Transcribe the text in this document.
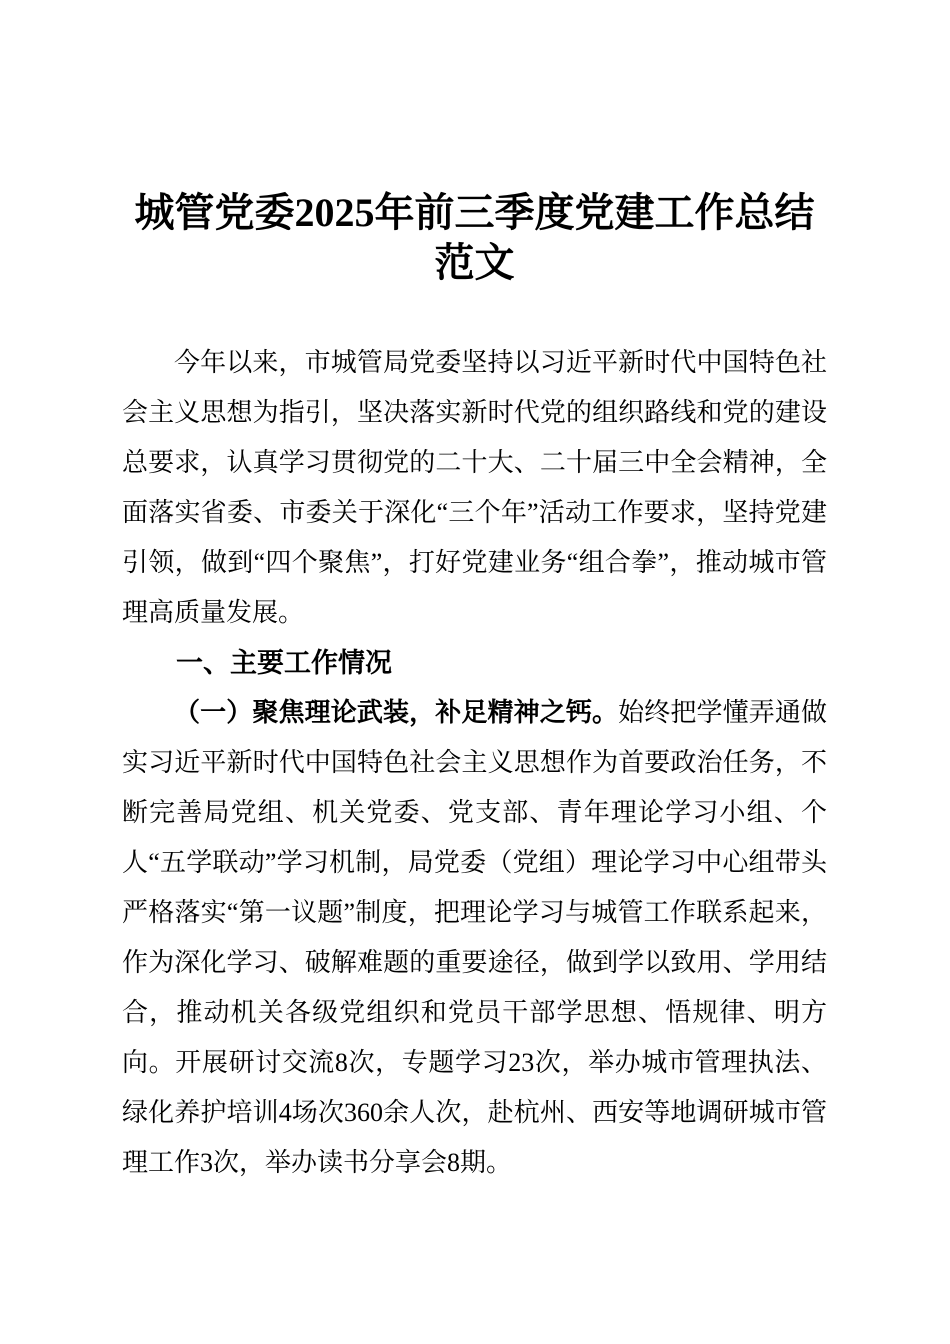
城管党委2025年前三季度党建工作总结范文

今年以来，市城管局党委坚持以习近平新时代中国特色社会主义思想为指引，坚决落实新时代党的组织路线和党的建设总要求，认真学习贯彻党的二十大、二十届三中全会精神，全面落实省委、市委关于深化“三个年”活动工作要求，坚持党建引领，做到“四个聚焦”，打好党建业务“组合拳”，推动城市管理高质量发展。

一、主要工作情况

（一）聚焦理论武装，补足精神之钙。始终把学懂弄通做实习近平新时代中国特色社会主义思想作为首要政治任务，不断完善局党组、机关党委、党支部、青年理论学习小组、个人“五学联动”学习机制，局党委（党组）理论学习中心组带头严格落实“第一议题”制度，把理论学习与城管工作联系起来，作为深化学习、破解难题的重要途径，做到学以致用、学用结合，推动机关各级党组织和党员干部学思想、悟规律、明方向。开展研讨交流8次，专题学习23次，举办城市管理执法、绿化养护培训4场次360余人次，赴杭州、西安等地调研城市管理工作3次，举办读书分享会8期。
